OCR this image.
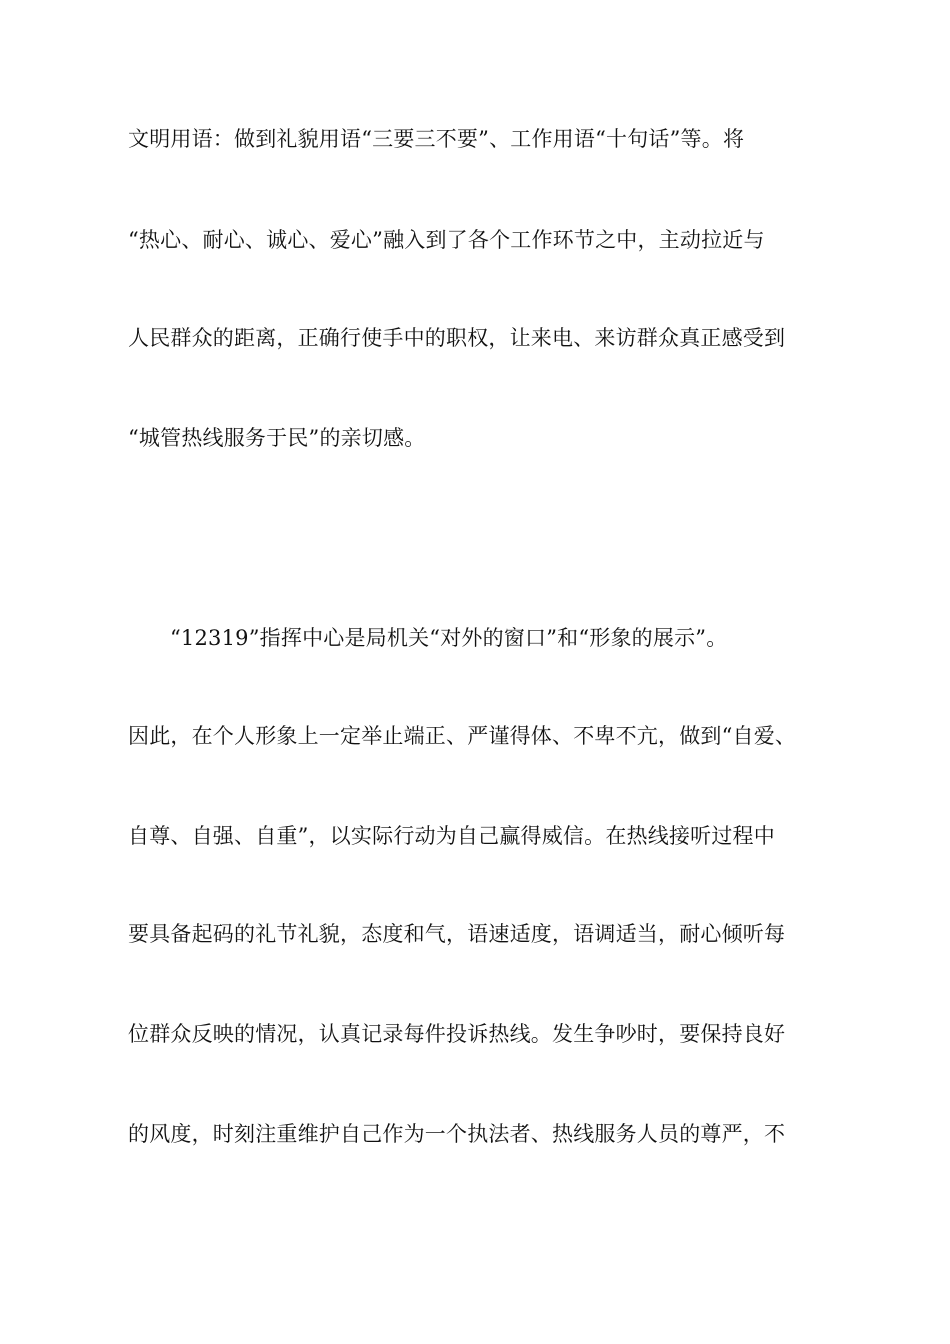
文明用语：做到礼貌用语“三要三不要”、工作用语“十句话”等。将
“热心、耐心、诚心、爱心”融入到了各个工作环节之中，主动拉近与
人民群众的距离，正确行使手中的职权，让来电、来访群众真正感受到
“城管热线服务于民”的亲切感。
“12319”指挥中心是局机关“对外的窗口”和“形象的展示”。
因此，在个人形象上一定举止端正、严谨得体、不卑不亢，做到“自爱、
自尊、自强、自重”，以实际行动为自己赢得威信。在热线接听过程中
要具备起码的礼节礼貌，态度和气，语速适度，语调适当，耐心倾听每
位群众反映的情况，认真记录每件投诉热线。发生争吵时，要保持良好
的风度，时刻注重维护自己作为一个执法者、热线服务人员的尊严，不
